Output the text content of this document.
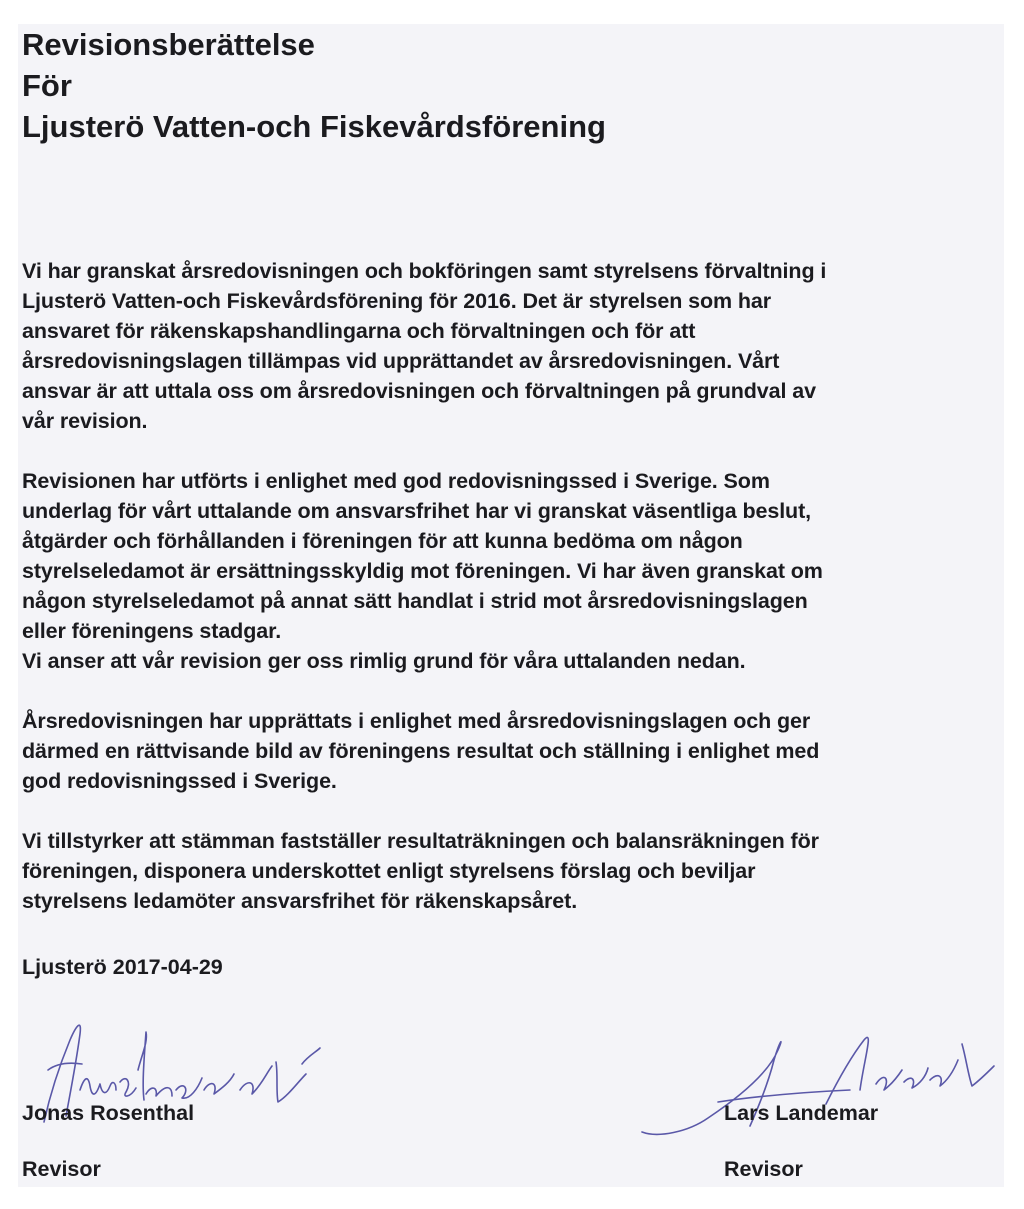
Revisionsberättelse
För
Ljusterö Vatten-och Fiskevårdsförening

Vi har granskat årsredovisningen och bokföringen samt styrelsens förvaltning i
Ljusterö Vatten-och Fiskevårdsförening för 2016. Det är styrelsen som har
ansvaret för räkenskapshandlingarna och förvaltningen och för att
årsredovisningslagen tillämpas vid upprättandet av årsredovisningen. Vårt
ansvar är att uttala oss om årsredovisningen och förvaltningen på grundval av
vår revision.

Revisionen har utförts i enlighet med god redovisningssed i Sverige. Som
underlag för vårt uttalande om ansvarsfrihet har vi granskat väsentliga beslut,
åtgärder och förhållanden i föreningen för att kunna bedöma om någon
styrelseledamot är ersättningsskyldig mot föreningen. Vi har även granskat om
någon styrelseledamot på annat sätt handlat i strid mot årsredovisningslagen
eller föreningens stadgar.
Vi anser att vår revision ger oss rimlig grund för våra uttalanden nedan.

Årsredovisningen har upprättats i enlighet med årsredovisningslagen och ger
därmed en rättvisande bild av föreningens resultat och ställning i enlighet med
god redovisningssed i Sverige.

Vi tillstyrker att stämman fastställer resultaträkningen och balansräkningen för
föreningen, disponera underskottet enligt styrelsens förslag och beviljar
styrelsens ledamöter ansvarsfrihet för räkenskapsåret.

Ljusterö 2017-04-29
Jonas Rosenthal
Revisor
Lars Landemar
Revisor
